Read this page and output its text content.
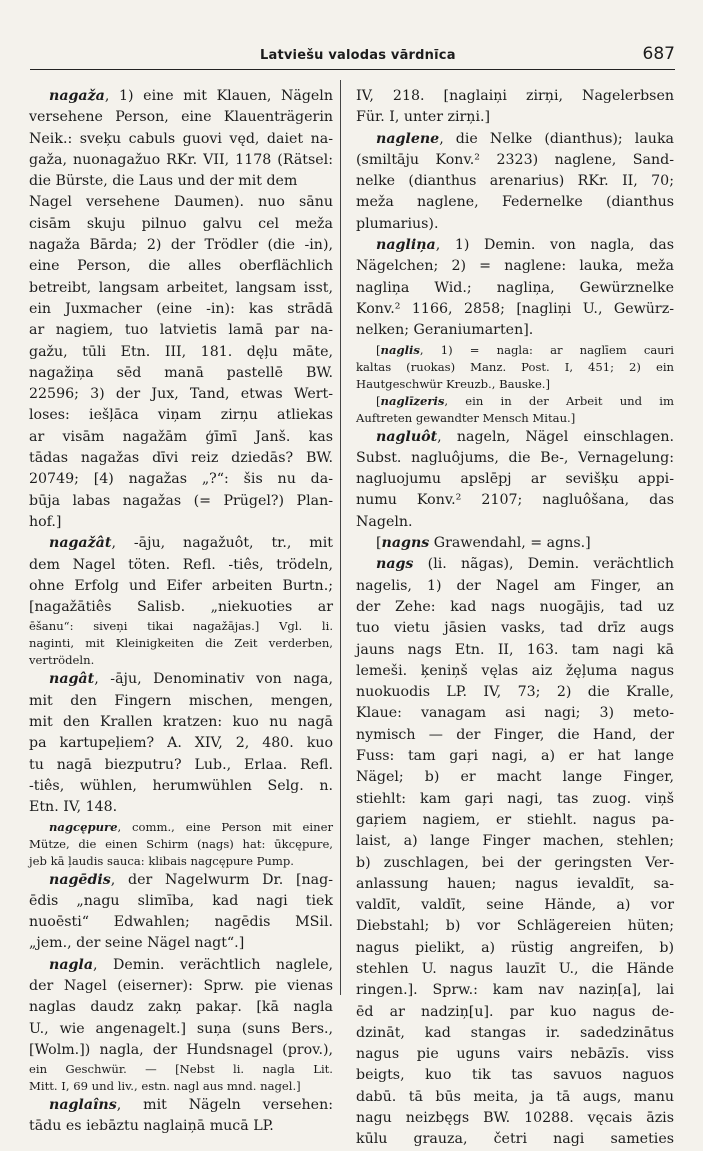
Latviešu valodas vārdnīca	687
nagaža, 1) eine mit Klauen, Nägeln
versehene Person, eine Klauenträgerin
Neik.: sveķu cabuls guovi vęd, daiet na-
gaža, nuonagažuo RKr. VII, 1178 (Rätsel:
die Bürste, die Laus und der mit dem
Nagel versehene Daumen). nuo sānu
cisām skuju pilnuo galvu cel meža
nagaža Bārda; 2) der Trödler (die -in),
eine Person, die alles oberflächlich
betreibt, langsam arbeitet, langsam isst,
ein Juxmacher (eine -in): kas strādā
ar nagiem, tuo latvietis lamā par na-
gažu, tūli Etn. III, 181. dęļu māte,
nagažiņa sēd manā pastellē BW.
22596; 3) der Jux, Tand, etwas Wert-
loses: iešļāca viņam zirņu atliekas
ar visām nagažām ģīmī Janš. kas
tādas nagažas dīvi reiz dziedās? BW.
20749; [4) nagažas „?“: šis nu da-
būja labas nagažas (= Prügel?) Plan-
hof.]
nagažât, -āju, nagažuôt, tr., mit
dem Nagel töten. Refl. -tiês, trödeln,
ohne Erfolg und Eifer arbeiten Burtn.;
[nagažātiês Salisb. „niekuoties ar
ēšanu“: siveņi tikai nagažājas.] Vgl. li.
naginti, mit Kleinigkeiten die Zeit verderben,
vertrödeln.
nagât, -āju, Denominativ von naga,
mit den Fingern mischen, mengen,
mit den Krallen kratzen: kuo nu nagā
pa kartupeļiem? A. XIV, 2, 480. kuo
tu nagā biezputru? Lub., Erlaa. Refl.
-tiês, wühlen, herumwühlen Selg. n.
Etn. IV, 148.
nagcępure, comm., eine Person mit einer
Mütze, die einen Schirm (nags) hat: ūkcępure,
jeb kā ļaudis sauca: klibais nagcępure Pump.
nagēdis, der Nagelwurm Dr. [nag-
ēdis „nagu slimība, kad nagi tiek
nuoēsti“ Edwahlen; nagēdis MSil.
„jem., der seine Nägel nagt“.]
nagla, Demin. verächtlich naglele,
der Nagel (eiserner): Sprw. pie vienas
naglas daudz zakņ pakaŗ. [kā nagla
U., wie angenagelt.] suņa (suns Bers.,
[Wolm.]) nagla, der Hundsnagel (prov.),
ein Geschwür. — [Nebst li. nagla Lit.
Mitt. I, 69 und liv., estn. nagl aus mnd. nagel.]
naglaîns, mit Nägeln versehen:
tādu es iebāztu naglaiņā mucā LP.
IV, 218. [naglaiņi zirņi, Nagelerbsen
Für. I, unter zirņi.]
naglene, die Nelke (dianthus); lauka
(smiltāju Konv.² 2323) naglene, Sand-
nelke (dianthus arenarius) RKr. II, 70;
meža naglene, Federnelke (dianthus
plumarius).
nagliņa, 1) Demin. von nagla, das
Nägelchen; 2) = naglene: lauka, meža
nagliņa Wid.; nagliņa, Gewürznelke
Konv.² 1166, 2858; [nagliņi U., Gewürz-
nelken; Geraniumarten].
[naglis, 1) = nagla: ar naglīem cauri
kaltas (ruokas) Manz. Post. I, 451; 2) ein
Hautgeschwür Kreuzb., Bauske.]
[naglīzeris, ein in der Arbeit und im
Auftreten gewandter Mensch Mitau.]
nagluôt, nageln, Nägel einschlagen.
Subst. nagluôjums, die Be-, Vernagelung:
nagluojumu apslēpj ar sevišķu appi-
numu Konv.² 2107; nagluôšana, das
Nageln.
[nagns Grawendahl, = agns.]
nags (li. nãgas), Demin. verächtlich
nagelis, 1) der Nagel am Finger, an
der Zehe: kad nags nuogājis, tad uz
tuo vietu jāsien vasks, tad drīz augs
jauns nags Etn. II, 163. tam nagi kā
lemeši. ķeniņš vęlas aiz žęļuma nagus
nuokuodis LP. IV, 73; 2) die Kralle,
Klaue: vanagam asi nagi; 3) meto-
nymisch — der Finger, die Hand, der
Fuss: tam gaŗi nagi, a) er hat lange
Nägel; b) er macht lange Finger,
stiehlt: kam gaŗi nagi, tas zuog. viņš
gaŗiem nagiem, er stiehlt. nagus pa-
laist, a) lange Finger machen, stehlen;
b) zuschlagen, bei der geringsten Ver-
anlassung hauen; nagus ievaldīt, sa-
valdīt, valdīt, seine Hände, a) vor
Diebstahl; b) vor Schlägereien hüten;
nagus pielikt, a) rüstig angreifen, b)
stehlen U. nagus lauzīt U., die Hände
ringen.]. Sprw.: kam nav naziņ[a], lai
ēd ar nadziņ[u]. par kuo nagus de-
dzināt, kad stangas ir. sadedzinātus
nagus pie uguns vairs nebāzīs. viss
beigts, kuo tik tas savuos naguos
dabū. tā būs meita, ja tā augs, manu
nagu neizbęgs BW. 10288. vęcais āzis
kūlu grauza, četri nagi sameties
